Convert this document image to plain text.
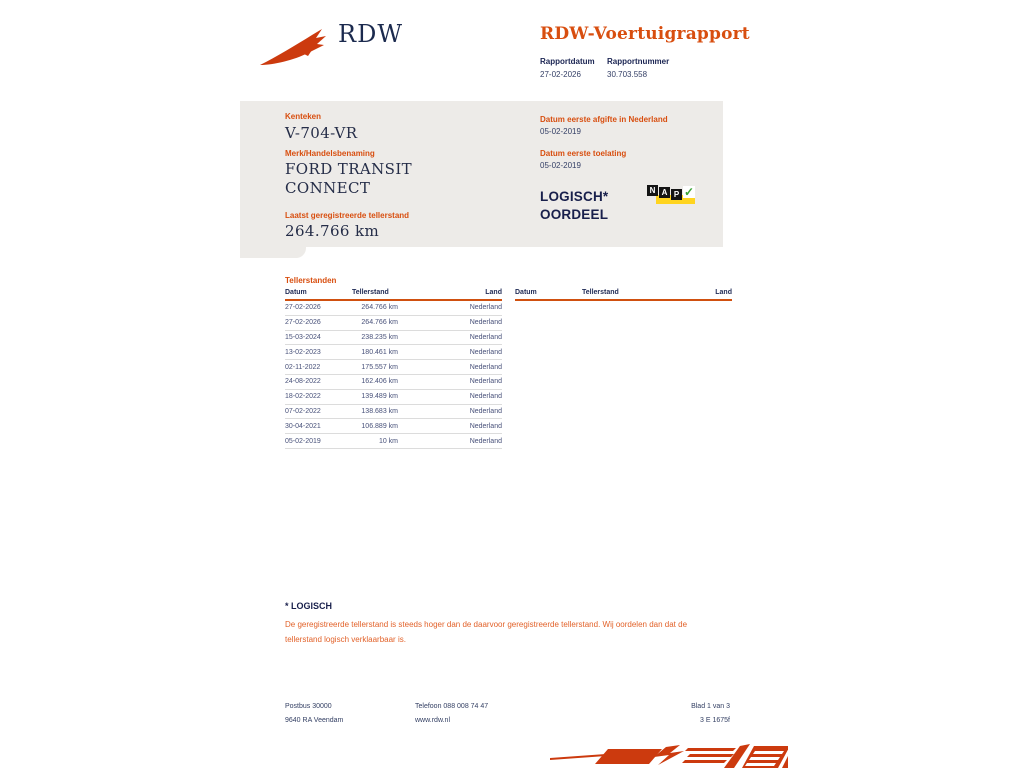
RDW	RDW-Voertuigrapport
Rapportdatum
27-02-2026
Rapportnummer
30.703.558
Kenteken
V-704-VR
Merk/Handelsbenaming
FORD TRANSIT CONNECT
Laatst geregistreerde tellerstand
264.766 km
Datum eerste afgifte in Nederland
05-02-2019
Datum eerste toelating
05-02-2019
LOGISCH*
OORDEEL
N A P ✓
Tellerstanden
Datum	Tellerstand	Land
27-02-2026	264.766 km	Nederland
27-02-2026	264.766 km	Nederland
15-03-2024	238.235 km	Nederland
13-02-2023	180.461 km	Nederland
02-11-2022	175.557 km	Nederland
24-08-2022	162.406 km	Nederland
18-02-2022	139.489 km	Nederland
07-02-2022	138.683 km	Nederland
30-04-2021	106.889 km	Nederland
05-02-2019	10 km	Nederland
Datum	Tellerstand	Land
* LOGISCH
De geregistreerde tellerstand is steeds hoger dan de daarvoor geregistreerde tellerstand. Wij oordelen dan dat de tellerstand logisch verklaarbaar is.
Postbus 30000
9640 RA Veendam
Telefoon 088 008 74 47
www.rdw.nl
Blad 1 van 3
3 E 1675f
